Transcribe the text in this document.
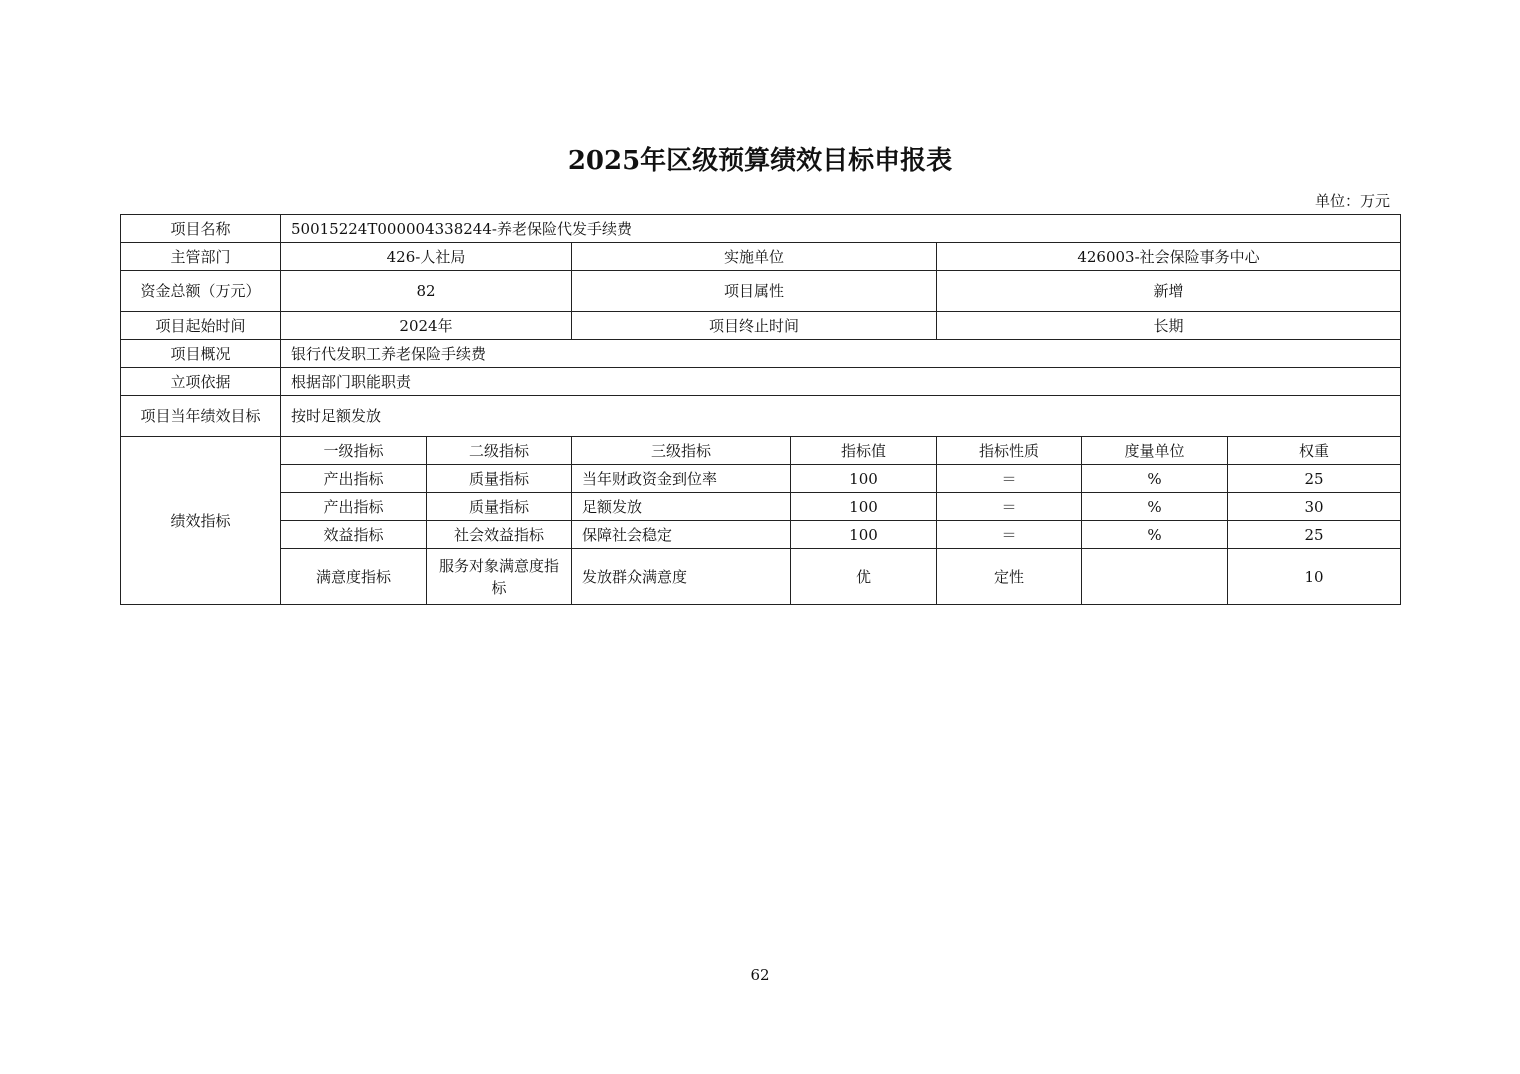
2025年区级预算绩效目标申报表
单位：万元
项目名称	50015224T000004338244-养老保险代发手续费						
主管部门	426-人社局		实施单位		426003-社会保险事务中心		
资金总额（万元）	82		项目属性		新增		
项目起始时间	2024年		项目终止时间		长期		
项目概况	银行代发职工养老保险手续费						
立项依据	根据部门职能职责						
项目当年绩效目标	按时足额发放						
绩效指标	一级指标	二级指标	三级指标	指标值	指标性质	度量单位	权重
	产出指标	质量指标	当年财政资金到位率	100	＝	%	25
	产出指标	质量指标	足额发放	100	＝	%	30
	效益指标	社会效益指标	保障社会稳定	100	＝	%	25
	满意度指标	服务对象满意度指标	发放群众满意度	优	定性		10
62
